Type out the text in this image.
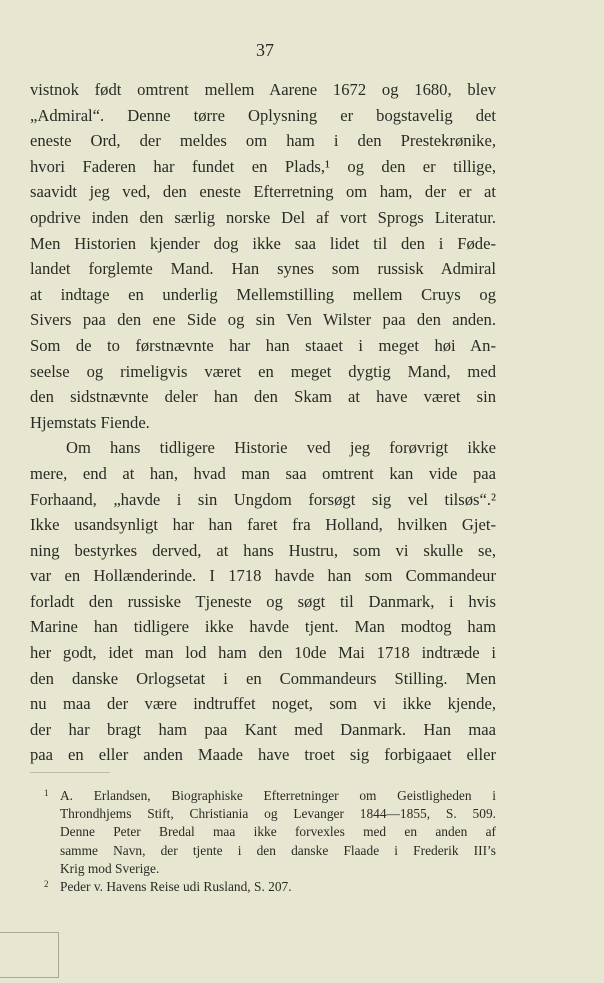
37
vistnok født omtrent mellem Aarene 1672 og 1680, blev
„Admiral“. Denne tørre Oplysning er bogstavelig det
eneste Ord, der meldes om ham i den Prestekrønike,
hvori Faderen har fundet en Plads,¹ og den er tillige,
saavidt jeg ved, den eneste Efterretning om ham, der er at
opdrive inden den særlig norske Del af vort Sprogs Literatur.
Men Historien kjender dog ikke saa lidet til den i Føde-
landet forglemte Mand. Han synes som russisk Admiral
at indtage en underlig Mellemstilling mellem Cruys og
Sivers paa den ene Side og sin Ven Wilster paa den anden.
Som de to førstnævnte har han staaet i meget høi An-
seelse og rimeligvis været en meget dygtig Mand, med
den sidstnævnte deler han den Skam at have været sin
Hjemstats Fiende.
Om hans tidligere Historie ved jeg forøvrigt ikke
mere, end at han, hvad man saa omtrent kan vide paa
Forhaand, „havde i sin Ungdom forsøgt sig vel tilsøs“.²
Ikke usandsynligt har han faret fra Holland, hvilken Gjet-
ning bestyrkes derved, at hans Hustru, som vi skulle se,
var en Hollænderinde. I 1718 havde han som Commandeur
forladt den russiske Tjeneste og søgt til Danmark, i hvis
Marine han tidligere ikke havde tjent. Man modtog ham
her godt, idet man lod ham den 10de Mai 1718 indtræde i
den danske Orlogsetat i en Commandeurs Stilling. Men
nu maa der være indtruffet noget, som vi ikke kjende,
der har bragt ham paa Kant med Danmark. Han maa
paa en eller anden Maade have troet sig forbigaaet eller
1 A. Erlandsen, Biographiske Efterretninger om Geistligheden i
Throndhjems Stift, Christiania og Levanger 1844—1855, S. 509.
Denne Peter Bredal maa ikke forvexles med en anden af
samme Navn, der tjente i den danske Flaade i Frederik III’s
Krig mod Sverige.
2 Peder v. Havens Reise udi Rusland, S. 207.
